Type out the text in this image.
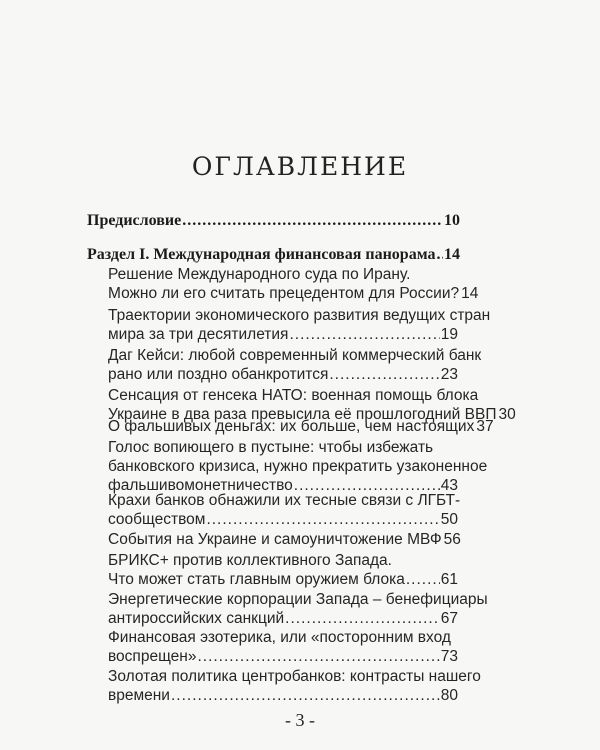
ОГЛАВЛЕНИЕ
Предисловие .....	10
Раздел I. Международная финансовая панорама ..... 14
Решение Международного суда по Ирану.
Можно ли его считать прецедентом для России? 14
Траектории экономического развития ведущих стран
мира за три десятилетия .....	19
Даг Кейси: любой современный коммерческий банк
рано или поздно обанкротится .....	23
Сенсация от генсека НАТО: военная помощь блока
Украине в два раза превысила её прошлогодний ВВП 30
О фальшивых деньгах: их больше, чем настоящих 37
Голос вопиющего в пустыне: чтобы избежать
банковского кризиса, нужно прекратить узаконенное
фальшивомонетничество .....	43
Крахи банков обнажили их тесные связи с ЛГБТ-
сообществом .....	50
События на Украине и самоуничтожение МВФ 56
БРИКС+ против коллективного Запада.
Что может стать главным оружием блока ..... 61
Энергетические корпорации Запада – бенефициары
антироссийских санкций .....	67
Финансовая эзотерика, или «посторонним вход
воспрещен» .....	73
Золотая политика центробанков: контрасты нашего
времени .....	80
- 3 -
